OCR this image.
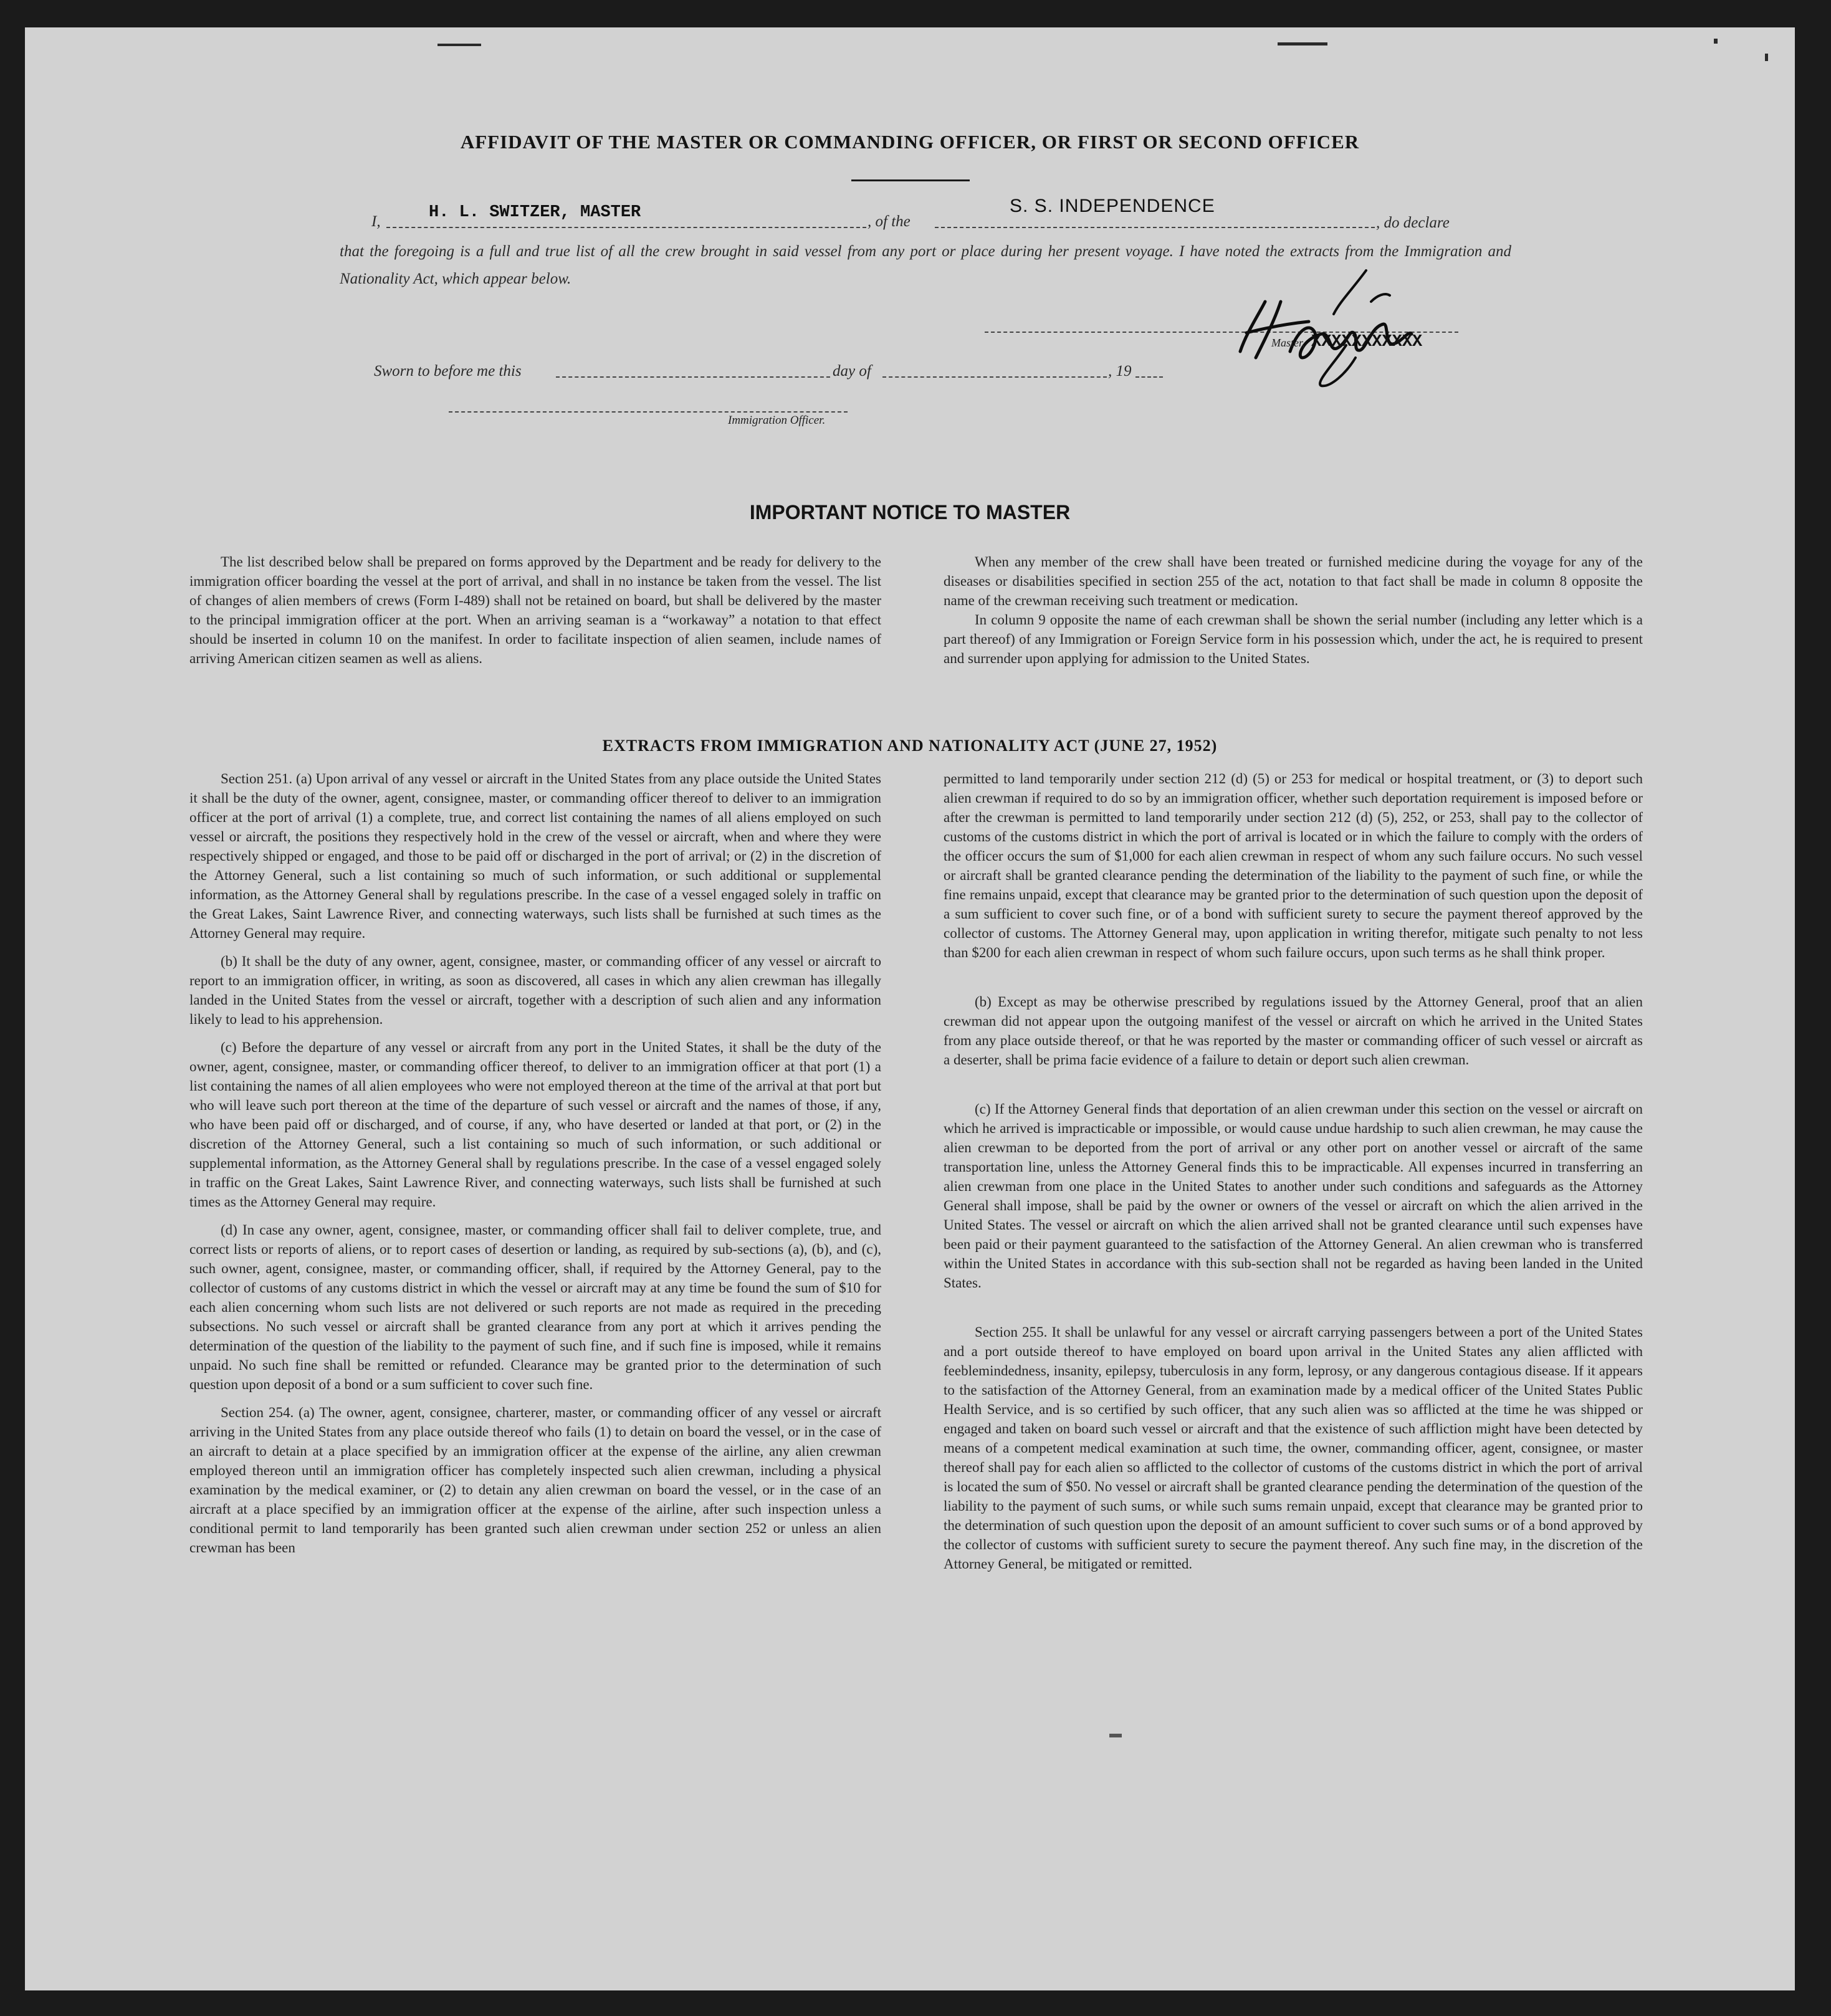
AFFIDAVIT OF THE MASTER OR COMMANDING OFFICER, OR FIRST OR SECOND OFFICER
I,	H. L. SWITZER, MASTER	, of the
S. S. INDEPENDENCE
, do declare
that the foregoing is a full and true list of all the crew brought in said vessel from any port or place during her present voyage. I have noted the extracts from the Immigration and Nationality Act, which appear below.
Master, XXXXXXXXXXX
Sworn to before me this	day of	, 19
Immigration Officer.
IMPORTANT NOTICE TO MASTER

The list described below shall be prepared on forms approved by the Department and be ready for delivery to the immigration officer boarding the vessel at the port of arrival, and shall in no instance be taken from the vessel. The list of changes of alien members of crews (Form I-489) shall not be retained on board, but shall be delivered by the master to the principal immigration officer at the port. When an arriving seaman is a “workaway” a notation to that effect should be inserted in column 10 on the manifest. In order to facilitate inspection of alien seamen, include names of arriving American citizen seamen as well as aliens.

When any member of the crew shall have been treated or furnished medicine during the voyage for any of the diseases or disabilities specified in section 255 of the act, notation to that fact shall be made in column 8 opposite the name of the crewman receiving such treatment or medication.

In column 9 opposite the name of each crewman shall be shown the serial number (including any letter which is a part thereof) of any Immigration or Foreign Service form in his possession which, under the act, he is required to present and surrender upon applying for admission to the United States.

EXTRACTS FROM IMMIGRATION AND NATIONALITY ACT (JUNE 27, 1952)

Section 251. (a) Upon arrival of any vessel or aircraft in the United States from any place outside the United States it shall be the duty of the owner, agent, consignee, master, or commanding officer thereof to deliver to an immigration officer at the port of arrival (1) a complete, true, and correct list containing the names of all aliens employed on such vessel or aircraft, the positions they respectively hold in the crew of the vessel or aircraft, when and where they were respectively shipped or engaged, and those to be paid off or discharged in the port of arrival; or (2) in the discretion of the Attorney General, such a list containing so much of such information, or such additional or supplemental information, as the Attorney General shall by regulations prescribe. In the case of a vessel engaged solely in traffic on the Great Lakes, Saint Lawrence River, and connecting waterways, such lists shall be furnished at such times as the Attorney General may require.

(b) It shall be the duty of any owner, agent, consignee, master, or commanding officer of any vessel or aircraft to report to an immigration officer, in writing, as soon as discovered, all cases in which any alien crewman has illegally landed in the United States from the vessel or aircraft, together with a description of such alien and any information likely to lead to his apprehension.

(c) Before the departure of any vessel or aircraft from any port in the United States, it shall be the duty of the owner, agent, consignee, master, or commanding officer thereof, to deliver to an immigration officer at that port (1) a list containing the names of all alien employees who were not employed thereon at the time of the arrival at that port but who will leave such port thereon at the time of the departure of such vessel or aircraft and the names of those, if any, who have been paid off or discharged, and of course, if any, who have deserted or landed at that port, or (2) in the discretion of the Attorney General, such a list containing so much of such information, or such additional or supplemental information, as the Attorney General shall by regulations prescribe. In the case of a vessel engaged solely in traffic on the Great Lakes, Saint Lawrence River, and connecting waterways, such lists shall be furnished at such times as the Attorney General may require.

(d) In case any owner, agent, consignee, master, or commanding officer shall fail to deliver complete, true, and correct lists or reports of aliens, or to report cases of desertion or landing, as required by sub-sections (a), (b), and (c), such owner, agent, consignee, master, or commanding officer, shall, if required by the Attorney General, pay to the collector of customs of any customs district in which the vessel or aircraft may at any time be found the sum of $10 for each alien concerning whom such lists are not delivered or such reports are not made as required in the preceding subsections. No such vessel or aircraft shall be granted clearance from any port at which it arrives pending the determination of the question of the liability to the payment of such fine, and if such fine is imposed, while it remains unpaid. No such fine shall be remitted or refunded. Clearance may be granted prior to the determination of such question upon deposit of a bond or a sum sufficient to cover such fine.

Section 254. (a) The owner, agent, consignee, charterer, master, or commanding officer of any vessel or aircraft arriving in the United States from any place outside thereof who fails (1) to detain on board the vessel, or in the case of an aircraft to detain at a place specified by an immigration officer at the expense of the airline, any alien crewman employed thereon until an immigration officer has completely inspected such alien crewman, including a physical examination by the medical examiner, or (2) to detain any alien crewman on board the vessel, or in the case of an aircraft at a place specified by an immigration officer at the expense of the airline, after such inspection unless a conditional permit to land temporarily has been granted such alien crewman under section 252 or unless an alien crewman has been

permitted to land temporarily under section 212 (d) (5) or 253 for medical or hospital treatment, or (3) to deport such alien crewman if required to do so by an immigration officer, whether such deportation requirement is imposed before or after the crewman is permitted to land temporarily under section 212 (d) (5), 252, or 253, shall pay to the collector of customs of the customs district in which the port of arrival is located or in which the failure to comply with the orders of the officer occurs the sum of $1,000 for each alien crewman in respect of whom any such failure occurs. No such vessel or aircraft shall be granted clearance pending the determination of the liability to the payment of such fine, or while the fine remains unpaid, except that clearance may be granted prior to the determination of such question upon the deposit of a sum sufficient to cover such fine, or of a bond with sufficient surety to secure the payment thereof approved by the collector of customs. The Attorney General may, upon application in writing therefor, mitigate such penalty to not less than $200 for each alien crewman in respect of whom such failure occurs, upon such terms as he shall think proper.

(b) Except as may be otherwise prescribed by regulations issued by the Attorney General, proof that an alien crewman did not appear upon the outgoing manifest of the vessel or aircraft on which he arrived in the United States from any place outside thereof, or that he was reported by the master or commanding officer of such vessel or aircraft as a deserter, shall be prima facie evidence of a failure to detain or deport such alien crewman.

(c) If the Attorney General finds that deportation of an alien crewman under this section on the vessel or aircraft on which he arrived is impracticable or impossible, or would cause undue hardship to such alien crewman, he may cause the alien crewman to be deported from the port of arrival or any other port on another vessel or aircraft of the same transportation line, unless the Attorney General finds this to be impracticable. All expenses incurred in transferring an alien crewman from one place in the United States to another under such conditions and safeguards as the Attorney General shall impose, shall be paid by the owner or owners of the vessel or aircraft on which the alien arrived in the United States. The vessel or aircraft on which the alien arrived shall not be granted clearance until such expenses have been paid or their payment guaranteed to the satisfaction of the Attorney General. An alien crewman who is transferred within the United States in accordance with this sub-section shall not be regarded as having been landed in the United States.

Section 255. It shall be unlawful for any vessel or aircraft carrying passengers between a port of the United States and a port outside thereof to have employed on board upon arrival in the United States any alien afflicted with feeblemindedness, insanity, epilepsy, tuberculosis in any form, leprosy, or any dangerous contagious disease. If it appears to the satisfaction of the Attorney General, from an examination made by a medical officer of the United States Public Health Service, and is so certified by such officer, that any such alien was so afflicted at the time he was shipped or engaged and taken on board such vessel or aircraft and that the existence of such affliction might have been detected by means of a competent medical examination at such time, the owner, commanding officer, agent, consignee, or master thereof shall pay for each alien so afflicted to the collector of customs of the customs district in which the port of arrival is located the sum of $50. No vessel or aircraft shall be granted clearance pending the determination of the question of the liability to the payment of such sums, or while such sums remain unpaid, except that clearance may be granted prior to the determination of such question upon the deposit of an amount sufficient to cover such sums or of a bond approved by the collector of customs with sufficient surety to secure the payment thereof. Any such fine may, in the discretion of the Attorney General, be mitigated or remitted.
